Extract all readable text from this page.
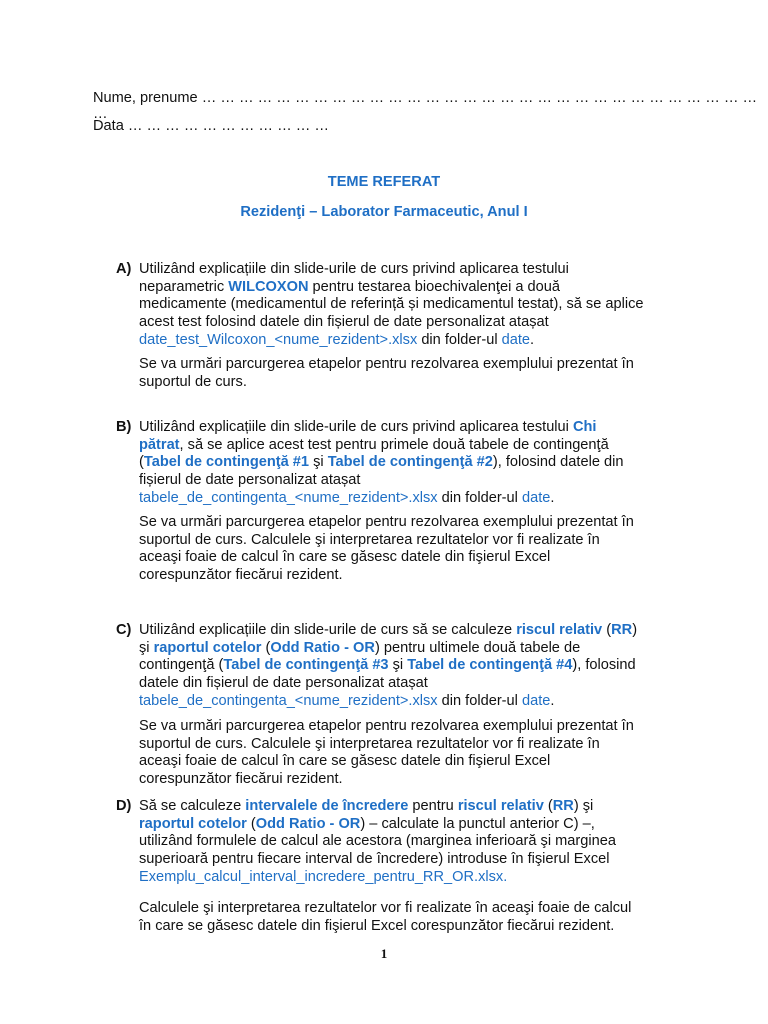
Nume, prenume … … … … … … … … … … … … … … … … … … … … … … … … … … … … … … …
Data … … … … … … … … … … …
TEME REFERAT
Rezidenţi – Laborator Farmaceutic, Anul I
A) Utilizând explicațiile din slide-urile de curs privind aplicarea testului
neparametric WILCOXON pentru testarea bioechivalenţei a două
medicamente (medicamentul de referință și medicamentul testat), să se aplice
acest test folosind datele din fișierul de date personalizat atașat
date_test_Wilcoxon_<nume_rezident>.xlsx din folder-ul date.
Se va urmări parcurgerea etapelor pentru rezolvarea exemplului prezentat în
suportul de curs.
B) Utilizând explicațiile din slide-urile de curs privind aplicarea testului Chi
pătrat, să se aplice acest test pentru primele două tabele de contingenţă
(Tabel de contingenţă #1 şi Tabel de contingenţă #2), folosind datele din
fișierul de date personalizat atașat
tabele_de_contingenta_<nume_rezident>.xlsx din folder-ul date.
Se va urmări parcurgerea etapelor pentru rezolvarea exemplului prezentat în
suportul de curs. Calculele şi interpretarea rezultatelor vor fi realizate în
aceaşi foaie de calcul în care se găsesc datele din fişierul Excel
corespunzător fiecărui rezident.
C) Utilizând explicațiile din slide-urile de curs să se calculeze riscul relativ (RR)
şi raportul cotelor (Odd Ratio - OR) pentru ultimele două tabele de
contingenţă (Tabel de contingenţă #3 şi Tabel de contingenţă #4), folosind
datele din fișierul de date personalizat atașat
tabele_de_contingenta_<nume_rezident>.xlsx din folder-ul date.
Se va urmări parcurgerea etapelor pentru rezolvarea exemplului prezentat în
suportul de curs. Calculele şi interpretarea rezultatelor vor fi realizate în
aceaşi foaie de calcul în care se găsesc datele din fişierul Excel
corespunzător fiecărui rezident.
D) Să se calculeze intervalele de încredere pentru riscul relativ (RR) şi
raportul cotelor (Odd Ratio - OR) – calculate la punctul anterior C) –,
utilizând formulele de calcul ale acestora (marginea inferioară şi marginea
superioară pentru fiecare interval de încredere) introduse în fişierul Excel
Exemplu_calcul_interval_incredere_pentru_RR_OR.xlsx.
Calculele şi interpretarea rezultatelor vor fi realizate în aceaşi foaie de calcul
în care se găsesc datele din fişierul Excel corespunzător fiecărui rezident.
1
